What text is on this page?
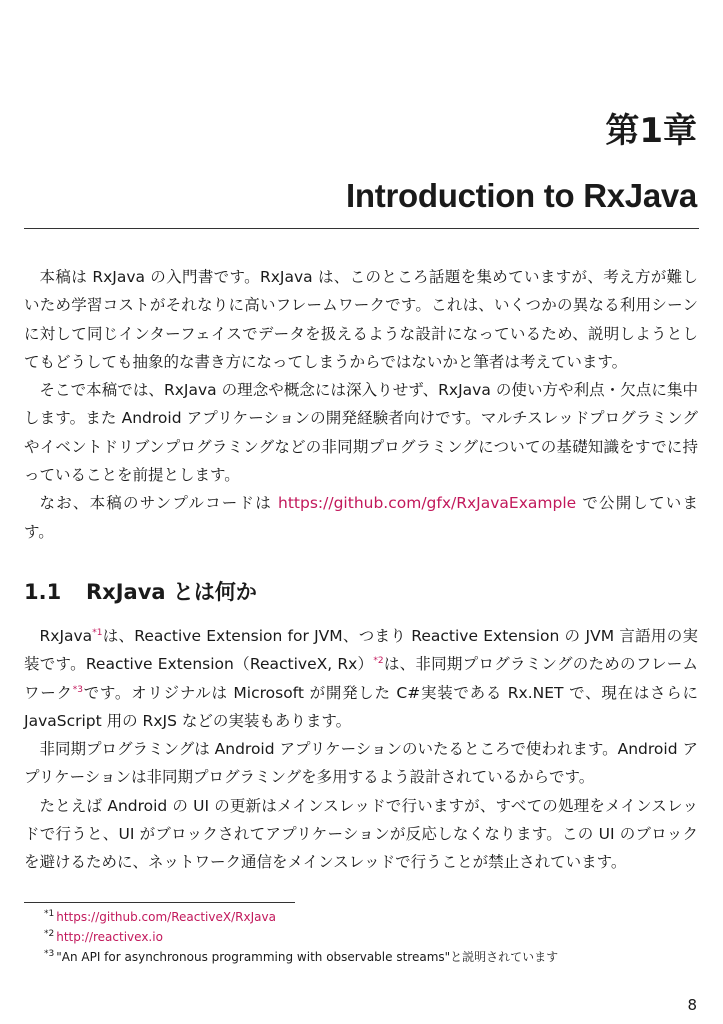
第1章
Introduction to RxJava

本稿は RxJava の入門書です。RxJava は、このところ話題を集めていますが、考え方が難しいため学習コストがそれなりに高いフレームワークです。これは、いくつかの異なる利用シーンに対して同じインターフェイスでデータを扱えるような設計になっているため、説明しようとしてもどうしても抽象的な書き方になってしまうからではないかと筆者は考えています。

そこで本稿では、RxJava の理念や概念には深入りせず、RxJava の使い方や利点・欠点に集中します。また Android アプリケーションの開発経験者向けです。マルチスレッドプログラミングやイベントドリブンプログラミングなどの非同期プログラミングについての基礎知識をすでに持っていることを前提とします。

なお、本稿のサンプルコードは https://github.com/gfx/RxJavaExample で公開しています。

1.1 RxJava とは何か

RxJava$^{*1}$は、Reactive Extension for JVM、つまり Reactive Extension の JVM 言語用の実装です。Reactive Extension（ReactiveX, Rx）$^{*2}$は、非同期プログラミングのためのフレームワーク$^{*3}$です。オリジナルは Microsoft が開発した C#実装である Rx.NET で、現在はさらに JavaScript 用の RxJS などの実装もあります。

非同期プログラミングは Android アプリケーションのいたるところで使われます。Android アプリケーションは非同期プログラミングを多用するよう設計されているからです。

たとえば Android の UI の更新はメインスレッドで行いますが、すべての処理をメインスレッドで行うと、UI がブロックされてアプリケーションが反応しなくなります。この UI のブロックを避けるために、ネットワーク通信をメインスレッドで行うことが禁止されています。

$^{*1}$ https://github.com/ReactiveX/RxJava
$^{*2}$ http://reactivex.io
$^{*3}$ "An API for asynchronous programming with observable streams"と説明されています
8
